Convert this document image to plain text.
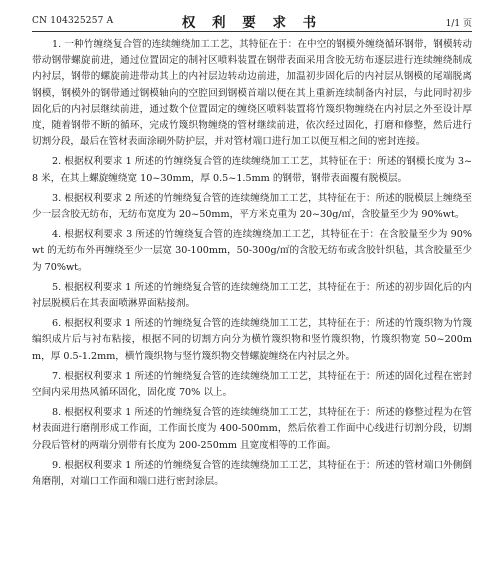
CN 104325257 A	权 利 要 求 书	1/1 页

1. 一种竹缠绕复合管的连续缠绕加工工艺，其特征在于：在中空的钢模外缠绕循环钢带，钢模转动带动钢带螺旋前进，通过位置固定的制衬区喷料装置在钢带表面采用含胶无纺布逐层进行连续缠绕制成内衬层，钢带的螺旋前进带动其上的内衬层边转动边前进，加温初步固化后的内衬层从钢模的尾端脱离钢模，钢模外的钢带通过钢模轴向的空腔回到钢模首端以便在其上重新连续制备内衬层，与此同时初步固化后的内衬层继续前进，通过数个位置固定的缠绕区喷料装置将竹篾织物缠绕在内衬层之外至设计厚度，随着钢带不断的循环，完成竹篾织物缠绕的管材继续前进，依次经过固化，打磨和修整，然后进行切割分段，最后在管材表面涂刷外防护层，并对管材端口进行加工以便互相之间的密封连接。

2. 根据权利要求 1 所述的竹缠绕复合管的连续缠绕加工工艺，其特征在于：所述的钢模长度为 3~8 米，在其上螺旋缠绕宽 10~30mm，厚 0.5~1.5mm 的钢带，钢带表面覆有脱模层。

3. 根据权利要求 2 所述的竹缠绕复合管的连续缠绕加工工艺，其特征在于：所述的脱模层上缠绕至少一层含胶无纺布，无纺布宽度为 20~50mm，平方米克重为 20~30g/㎡，含胶量至少为 90%wt。

4. 根据权利要求 3 所述的竹缠绕复合管的连续缠绕加工工艺，其特征在于：在含胶量至少为 90%wt 的无纺布外再缠绕至少一层宽 30-100mm，50-300g/㎡的含胶无纺布或含胶针织毡，其含胶量至少为 70%wt。

5. 根据权利要求 1 所述的竹缠绕复合管的连续缠绕加工工艺，其特征在于：所述的初步固化后的内衬层脱模后在其表面喷淋界面粘接剂。

6. 根据权利要求 1 所述的竹缠绕复合管的连续缠绕加工工艺，其特征在于：所述的竹篾织物为竹篾编织成片后与衬布粘接，根据不同的切割方向分为横竹篾织物和竖竹篾织物，竹篾织物宽 50~200mm，厚 0.5-1.2mm，横竹篾织物与竖竹篾织物交替螺旋缠绕在内衬层之外。

7. 根据权利要求 1 所述的竹缠绕复合管的连续缠绕加工工艺，其特征在于：所述的固化过程在密封空间内采用热风循环固化，固化度 70% 以上。

8. 根据权利要求 1 所述的竹缠绕复合管的连续缠绕加工工艺，其特征在于：所述的修整过程为在管材表面进行磨削形成工作面，工作面长度为 400-500mm，然后依着工作面中心线进行切割分段，切割分段后管材的两端分别带有长度为 200-250mm 且宽度相等的工作面。

9. 根据权利要求 1 所述的竹缠绕复合管的连续缠绕加工工艺，其特征在于：所述的管材端口外侧倒角磨削，对端口工作面和端口进行密封涂层。
